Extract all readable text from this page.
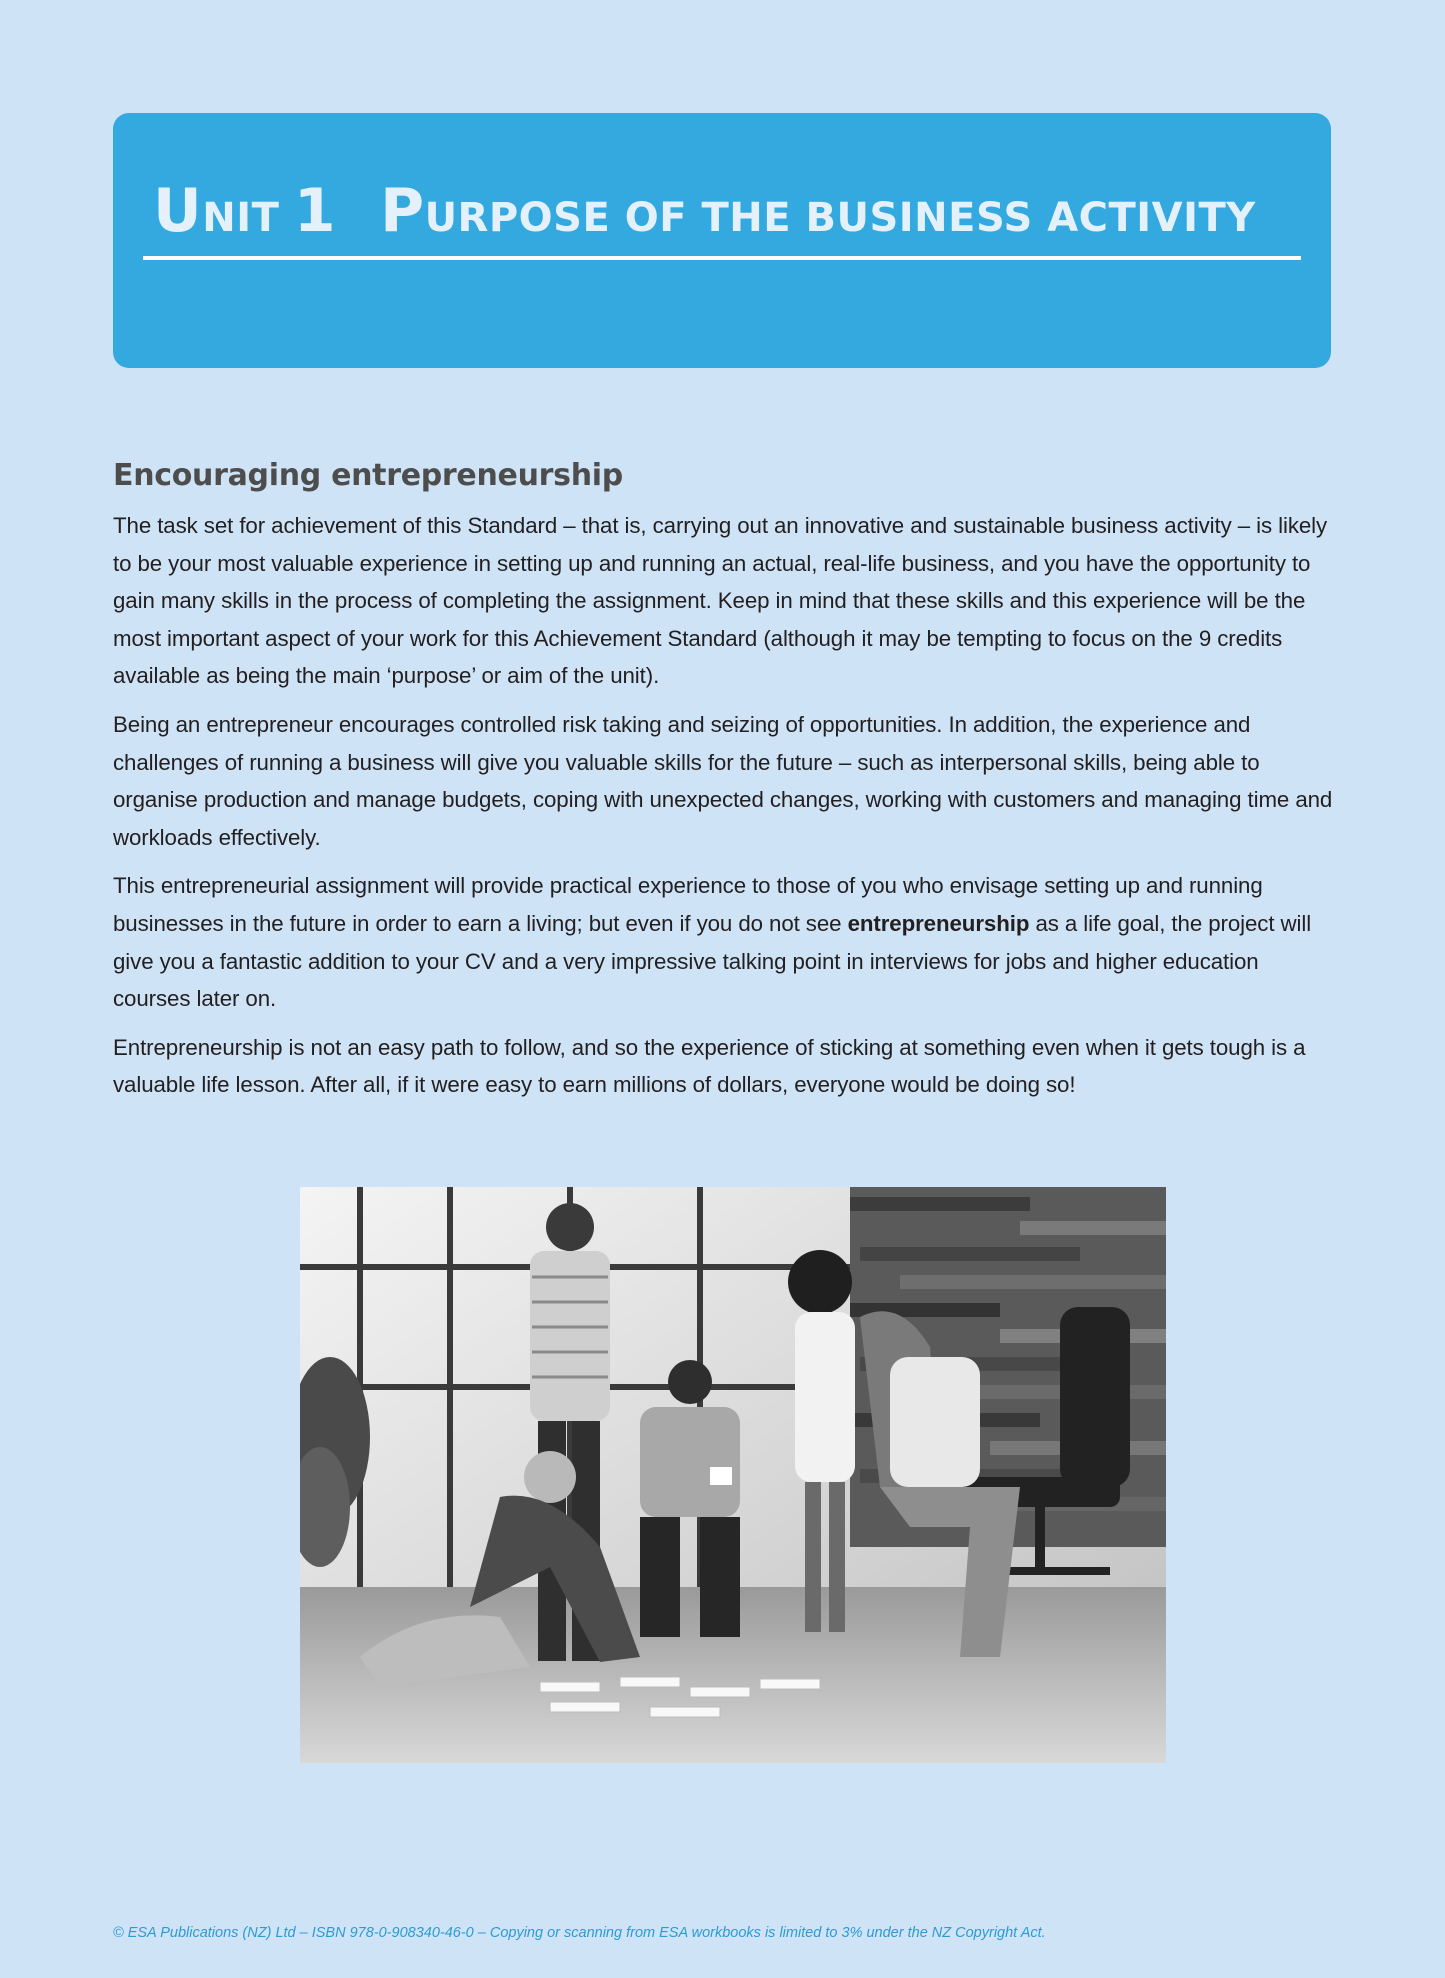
UNIT 1 PURPOSE OF THE BUSINESS ACTIVITY
Encouraging entrepreneurship

The task set for achievement of this Standard – that is, carrying out an innovative and sustainable business activity – is likely to be your most valuable experience in setting up and running an actual, real-life business, and you have the opportunity to gain many skills in the process of completing the assignment. Keep in mind that these skills and this experience will be the most important aspect of your work for this Achievement Standard (although it may be tempting to focus on the 9 credits available as being the main ‘purpose’ or aim of the unit).

Being an entrepreneur encourages controlled risk taking and seizing of opportunities. In addition, the experience and challenges of running a business will give you valuable skills for the future – such as interpersonal skills, being able to organise production and manage budgets, coping with unexpected changes, working with customers and managing time and workloads effectively.

This entrepreneurial assignment will provide practical experience to those of you who envisage setting up and running businesses in the future in order to earn a living; but even if you do not see entrepreneurship as a life goal, the project will give you a fantastic addition to your CV and a very impressive talking point in interviews for jobs and higher education courses later on.

Entrepreneurship is not an easy path to follow, and so the experience of sticking at something even when it gets tough is a valuable life lesson. After all, if it were easy to earn millions of dollars, everyone would be doing so!

© ESA Publications (NZ) Ltd – ISBN 978-0-908340-46-0 – Copying or scanning from ESA workbooks is limited to 3% under the NZ Copyright Act.
